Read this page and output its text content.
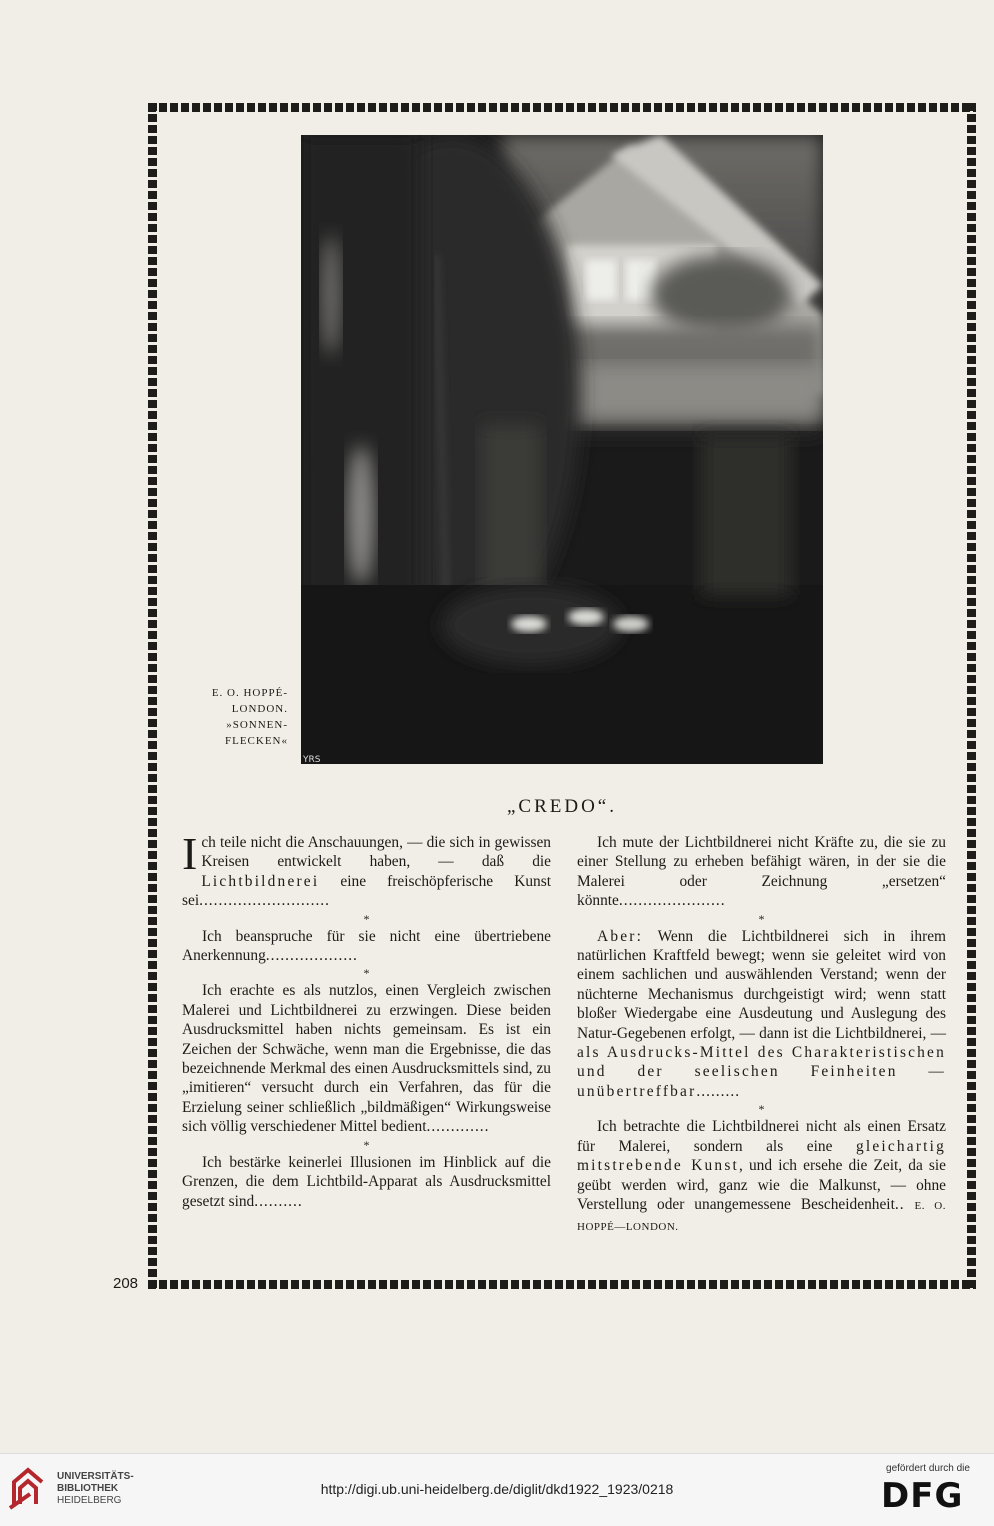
208
YRS
E. O. HOPPÉ-
LONDON.
»SONNEN-
FLECKEN«
„CREDO“.

Ich teile nicht die Anschauungen, — die sich in gewissen Kreisen entwickelt haben, — daß die Lichtbildnerei eine freischöpferische Kunst sei...........................

*

Ich beanspruche für sie nicht eine übertriebene Anerkennung...................

*

Ich erachte es als nutzlos, einen Vergleich zwischen Malerei und Lichtbildnerei zu erzwingen. Diese beiden Ausdrucksmittel haben nichts gemeinsam. Es ist ein Zeichen der Schwäche, wenn man die Ergebnisse, die das bezeichnende Merkmal des einen Ausdrucksmittels sind, zu „imitieren“ versucht durch ein Verfahren, das für die Erzielung seiner schließlich „bildmäßigen“ Wirkungsweise sich völlig verschiedener Mittel bedient.............

*

Ich bestärke keinerlei Illusionen im Hinblick auf die Grenzen, die dem Lichtbild-Apparat als Ausdrucksmittel gesetzt sind..........

Ich mute der Lichtbildnerei nicht Kräfte zu, die sie zu einer Stellung zu erheben befähigt wären, in der sie die Malerei oder Zeichnung „ersetzen“ könnte......................

*

Aber: Wenn die Lichtbildnerei sich in ihrem natürlichen Kraftfeld bewegt; wenn sie geleitet wird von einem sachlichen und auswählenden Verstand; wenn der nüchterne Mechanismus durchgeistigt wird; wenn statt bloßer Wiedergabe eine Ausdeutung und Auslegung des Natur-Gegebenen erfolgt, — dann ist die Lichtbildnerei, — als Ausdrucks-Mittel des Charakteristischen und der seelischen Feinheiten — unübertreffbar.........

*

Ich betrachte die Lichtbildnerei nicht als einen Ersatz für Malerei, sondern als eine gleichartig mitstrebende Kunst, und ich ersehe die Zeit, da sie geübt werden wird, ganz wie die Malkunst, — ohne Verstellung oder unangemessene Bescheidenheit.. E. O. HOPPÉ—LONDON.

UNIVERSITÄTS-
BIBLIOTHEK
HEIDELBERG
http://digi.ub.uni-heidelberg.de/diglit/dkd1922_1923/0218
gefördert durch die
DFG
